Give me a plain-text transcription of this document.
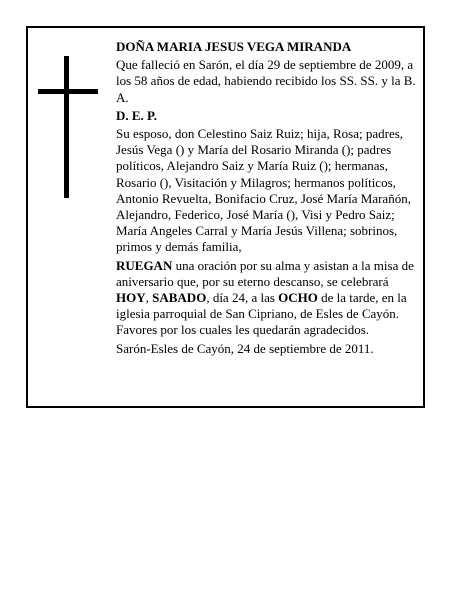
DOÑA MARIA JESUS VEGA MIRANDA

Que falleció en Sarón, el día 29 de septiembre de 2009, a los 58 años de edad, habiendo recibido los SS. SS. y la B. A.

D. E. P.

Su esposo, don Celestino Saiz Ruiz; hija, Rosa; padres, Jesús Vega () y María del Rosario Miranda (); padres políticos, Alejandro Saiz y María Ruiz (); hermanas, Rosario (), Visitación y Milagros; hermanos políticos, Antonio Revuelta, Bonifacio Cruz, José María Marañón, Alejandro, Federico, José María (), Visi y Pedro Saiz; María Angeles Carral y María Jesús Villena; sobrinos, primos y demás familia,

RUEGAN una oración por su alma y asistan a la misa de aniversario que, por su eterno descanso, se celebrará HOY, SABADO, día 24, a las OCHO de la tarde, en la iglesia parroquial de San Cipriano, de Esles de Cayón. Favores por los cuales les quedarán agradecidos.

Sarón-Esles de Cayón, 24 de septiembre de 2011.
